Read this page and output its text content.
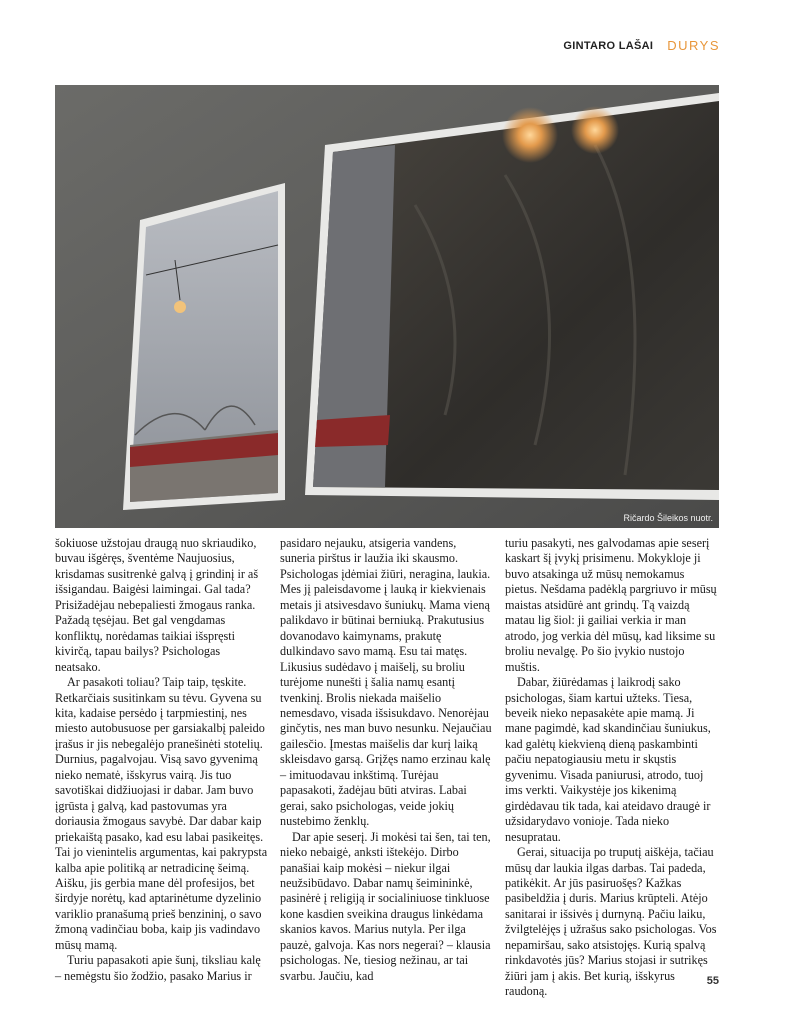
GINTARO LAŠAI DURYS
Ričardo Šileikos nuotr.

šokiuose užstojau draugą nuo skriaudiko, buvau išgėręs, šventėme Naujuosius, krisdamas susitrenkė galvą į grindinį ir aš išsigandau. Baigėsi laimingai. Gal tada? Prisižadėjau nebepaliesti žmogaus ranka. Pažadą tęsėjau. Bet gal vengdamas konfliktų, norėdamas taikiai išspręsti kivirčą, tapau bailys? Psichologas neatsako.

Ar pasakoti toliau? Taip taip, tęskite. Retkarčiais susitinkam su tėvu. Gyvena su kita, kadaise persėdo į tarpmiestinį, nes miesto autobusuose per garsiakalbį paleido įrašus ir jis nebegalėjo pranešinėti stotelių. Durnius, pagalvojau. Visą savo gyvenimą nieko nematė, išskyrus vairą. Jis tuo savotiškai didžiuojasi ir dabar. Jam buvo įgrūsta į galvą, kad pastovumas yra doriausia žmogaus savybė. Dar dabar kaip priekaištą pasako, kad esu labai pasikeitęs. Tai jo vienintelis argumentas, kai pakrypsta kalba apie politiką ar netradicinę šeimą. Aišku, jis gerbia mane dėl profesijos, bet širdyje norėtų, kad aptarinėtume dyzelinio variklio pranašumą prieš benzininį, o savo žmoną vadinčiau boba, kaip jis vadindavo mūsų mamą.

Turiu papasakoti apie šunį, tiksliau kalę – nemėgstu šio žodžio, pasako Marius ir

pasidaro nejauku, atsigeria vandens, suneria pirštus ir laužia iki skausmo. Psichologas įdėmiai žiūri, neragina, laukia. Mes jį paleisdavome į lauką ir kiekvienais metais ji atsivesdavo šuniukų. Mama vieną palikdavo ir būtinai berniuką. Prakutusius dovanodavo kaimynams, prakutę dulkindavo savo mamą. Esu tai matęs. Likusius sudėdavo į maišelį, su broliu turėjome nunešti į šalia namų esantį tvenkinį. Brolis niekada maišelio nemesdavo, visada išsisukdavo. Nenorėjau ginčytis, nes man buvo nesunku. Nejaučiau gailesčio. Įmestas maišelis dar kurį laiką skleisdavo garsą. Grįžęs namo erzinau kalę – imituodavau inkštimą. Turėjau papasakoti, žadėjau būti atviras. Labai gerai, sako psichologas, veide jokių nustebimo ženklų.

Dar apie seserį. Ji mokėsi tai šen, tai ten, nieko nebaigė, anksti ištekėjo. Dirbo panašiai kaip mokėsi – niekur ilgai neužsibūdavo. Dabar namų šeimininkė, pasinėrė į religiją ir socialiniuose tinkluose kone kasdien sveikina draugus linkėdama skanios kavos. Marius nutyla. Per ilga pauzė, galvoja. Kas nors negerai? – klausia psichologas. Ne, tiesiog nežinau, ar tai svarbu. Jaučiu, kad

turiu pasakyti, nes galvodamas apie seserį kaskart šį įvykį prisimenu. Mokykloje ji buvo atsakinga už mūsų nemokamus pietus. Nešdama padėklą pargriuvo ir mūsų maistas atsidūrė ant grindų. Tą vaizdą matau lig šiol: ji gailiai verkia ir man atrodo, jog verkia dėl mūsų, kad liksime su broliu nevalgę. Po šio įvykio nustojo muštis.

Dabar, žiūrėdamas į laikrodį sako psichologas, šiam kartui užteks. Tiesa, beveik nieko nepasakėte apie mamą. Ji mane pagimdė, kad skandinčiau šuniukus, kad galėtų kiekvieną dieną paskambinti pačiu nepatogiausiu metu ir skųstis gyvenimu. Visada paniurusi, atrodo, tuoj ims verkti. Vaikystėje jos kikenimą girdėdavau tik tada, kai ateidavo draugė ir užsidarydavo vonioje. Tada nieko nesupratau.

Gerai, situacija po truputį aiškėja, tačiau mūsų dar laukia ilgas darbas. Tai padeda, patikėkit. Ar jūs pasiruošęs? Kažkas pasibeldžia į duris. Marius krūpteli. Atėjo sanitarai ir išsivės į durnyną. Pačiu laiku, žvilgtelėjęs į užrašus sako psichologas. Vos nepamiršau, sako atsistojęs. Kurią spalvą rinkdavotės jūs? Marius stojasi ir sutrikęs žiūri jam į akis. Bet kurią, išskyrus raudoną.

55
